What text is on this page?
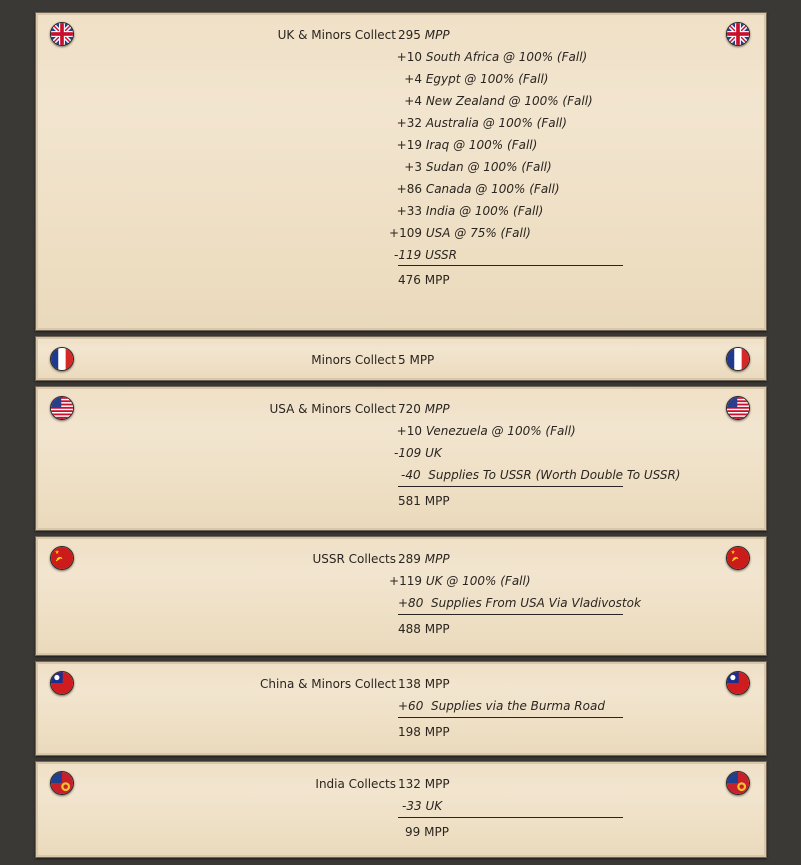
UK & Minors Collect 295 MPP
+10 South Africa @ 100% (Fall)
+4 Egypt @ 100% (Fall)
+4 New Zealand @ 100% (Fall)
+32 Australia @ 100% (Fall)
+19 Iraq @ 100% (Fall)
+3 Sudan @ 100% (Fall)
+86 Canada @ 100% (Fall)
+33 India @ 100% (Fall)
+109 USA @ 75% (Fall)
-119 USSR
476 MPP
Minors Collect 5 MPP
USA & Minors Collect 720 MPP
+10 Venezuela @ 100% (Fall)
-109 UK
-40 Supplies To USSR (Worth Double To USSR)
581 MPP
USSR Collects 289 MPP
+119 UK @ 100% (Fall)
+80 Supplies From USA Via Vladivostok
488 MPP
China & Minors Collect 138 MPP
+60 Supplies via the Burma Road
198 MPP
India Collects 132 MPP
-33 UK
99 MPP
